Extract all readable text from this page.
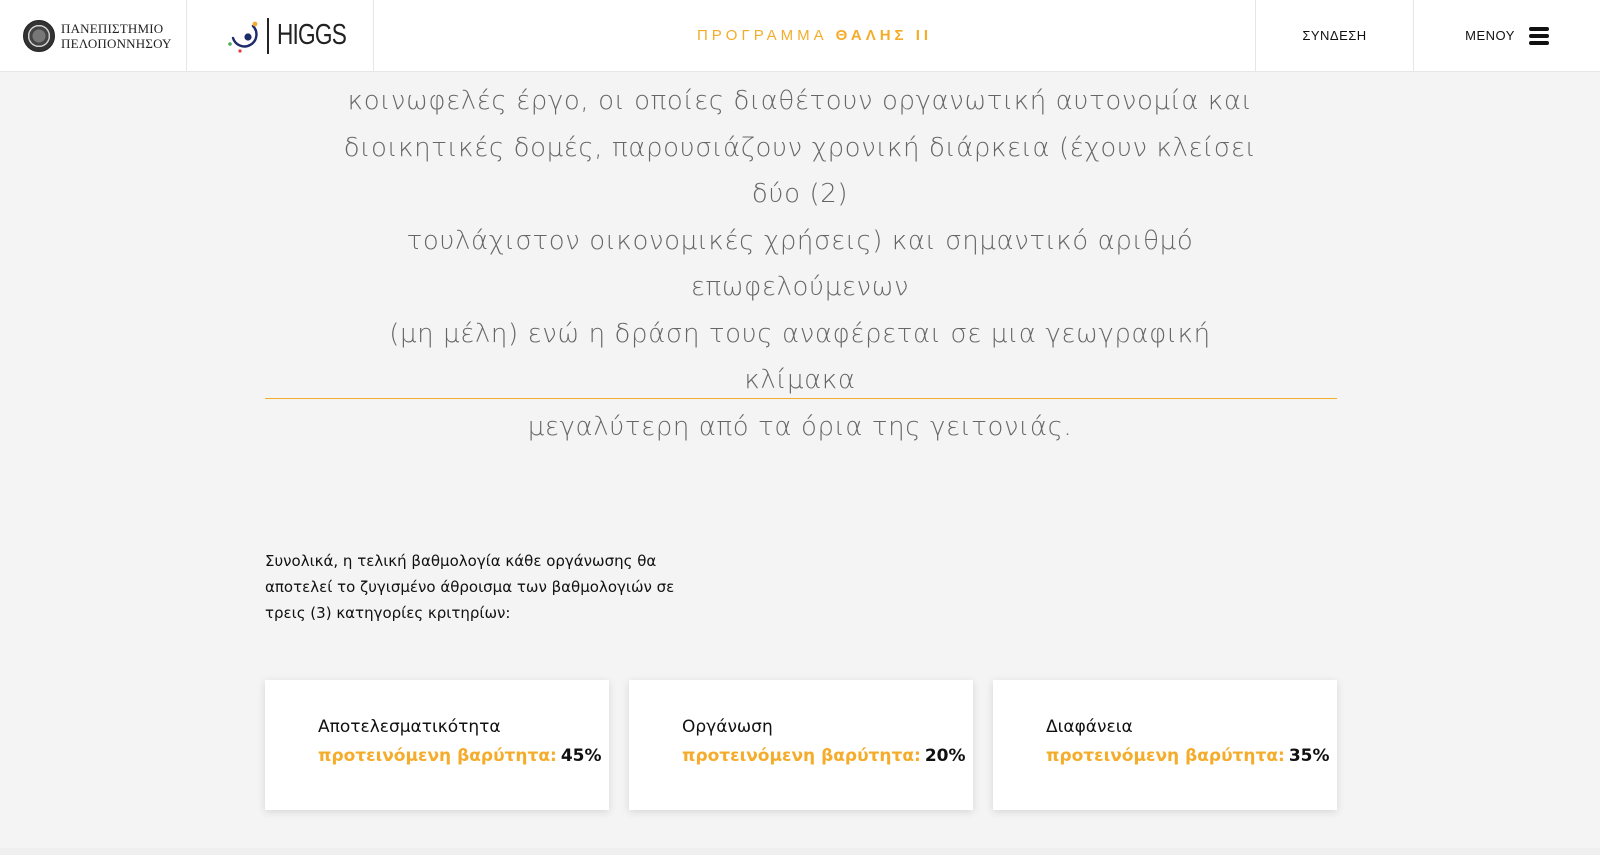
ΠΑΝΕΠΙΣΤΗΜΙΟ
ΠΕΛΟΠΟΝΝΗΣΟΥ	HIGGS	ΠΡΟΓΡΑΜΜΑ ΘΑΛΗΣ II	ΣΥΝΔΕΣΗ	ΜΕΝΟΥ
κοινωφελές έργο, οι οποίες διαθέτουν οργανωτική αυτονομία και
διοικητικές δομές, παρουσιάζουν χρονική διάρκεια (έχουν κλείσει δύο (2)
τουλάχιστον οικονομικές χρήσεις) και σημαντικό αριθμό επωφελούμενων
(μη μέλη) ενώ η δράση τους αναφέρεται σε μια γεωγραφική κλίμακα
μεγαλύτερη από τα όρια της γειτονιάς.

Συνολικά, η τελική βαθμολογία κάθε οργάνωσης θα αποτελεί το ζυγισμένο άθροισμα των βαθμολογιών σε τρεις (3) κατηγορίες κριτηρίων:

Αποτελεσματικότητα
προτεινόμενη βαρύτητα: 45%
Οργάνωση
προτεινόμενη βαρύτητα: 20%
Διαφάνεια
προτεινόμενη βαρύτητα: 35%
